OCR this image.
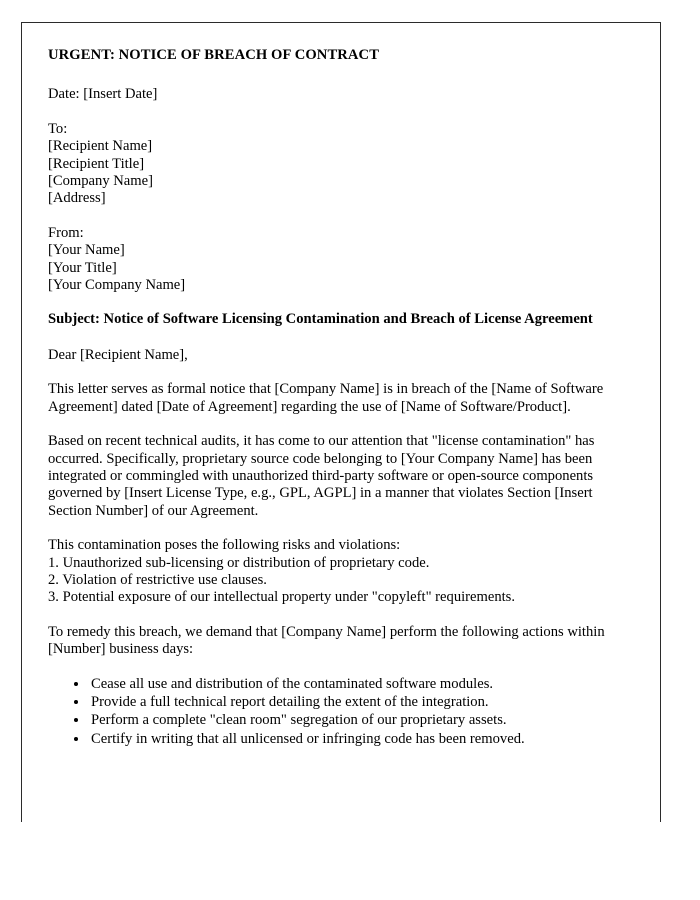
URGENT: NOTICE OF BREACH OF CONTRACT

Date: [Insert Date]

To:
[Recipient Name]
[Recipient Title]
[Company Name]
[Address]
From:
[Your Name]
[Your Title]
[Your Company Name]

Subject: Notice of Software Licensing Contamination and Breach of License Agreement

Dear [Recipient Name],

This letter serves as formal notice that [Company Name] is in breach of the [Name of Software Agreement] dated [Date of Agreement] regarding the use of [Name of Software/Product].

Based on recent technical audits, it has come to our attention that "license contamination" has occurred. Specifically, proprietary source code belonging to [Your Company Name] has been integrated or commingled with unauthorized third-party software or open-source components governed by [Insert License Type, e.g., GPL, AGPL] in a manner that violates Section [Insert Section Number] of our Agreement.

This contamination poses the following risks and violations:
1. Unauthorized sub-licensing or distribution of proprietary code.
2. Violation of restrictive use clauses.
3. Potential exposure of our intellectual property under "copyleft" requirements.

To remedy this breach, we demand that [Company Name] perform the following actions within [Number] business days:

• Cease all use and distribution of the contaminated software modules.
• Provide a full technical report detailing the extent of the integration.
• Perform a complete "clean room" segregation of our proprietary assets.
• Certify in writing that all unlicensed or infringing code has been removed.
